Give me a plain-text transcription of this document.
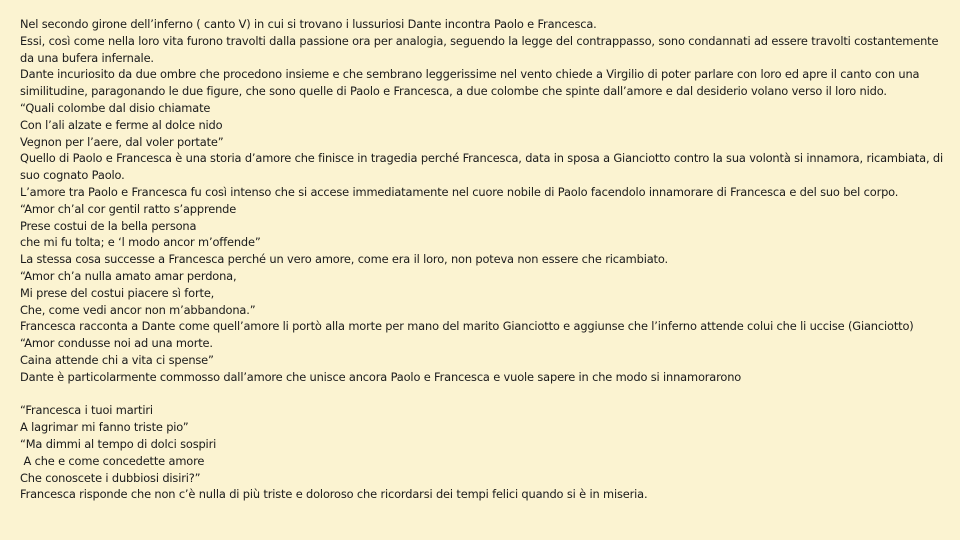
Nel secondo girone dell’inferno ( canto V) in cui si trovano i lussuriosi Dante incontra Paolo e Francesca.

Essi, così come nella loro vita furono travolti dalla passione ora per analogia, seguendo la legge del contrappasso, sono condannati ad essere travolti costantemente da una bufera infernale.

Dante incuriosito da due ombre che procedono insieme e che sembrano leggerissime nel vento chiede a Virgilio di poter parlare con loro ed apre il canto con una similitudine, paragonando le due figure, che sono quelle di Paolo e Francesca, a due colombe che spinte dall’amore e dal desiderio volano verso il loro nido.

“Quali colombe dal disio chiamate

Con l’ali alzate e ferme al dolce nido

Vegnon per l’aere, dal voler portate”

Quello di Paolo e Francesca è una storia d’amore che finisce in tragedia perché Francesca, data in sposa a Gianciotto contro la sua volontà si innamora, ricambiata, di suo cognato Paolo.

L’amore tra Paolo e Francesca fu così intenso che si accese immediatamente nel cuore nobile di Paolo facendolo innamorare di Francesca e del suo bel corpo.

“Amor ch’al cor gentil ratto s’apprende

Prese costui de la bella persona

che mi fu tolta; e ‘l modo ancor m’offende”

La stessa cosa successe a Francesca perché un vero amore, come era il loro, non poteva non essere che ricambiato.

“Amor ch’a nulla amato amar perdona,

Mi prese del costui piacere sì forte,

Che, come vedi ancor non m’abbandona.”

Francesca racconta a Dante come quell’amore li portò alla morte per mano del marito Gianciotto e aggiunse che l’inferno attende colui che li uccise (Gianciotto)

“Amor condusse noi ad una morte.

Caina attende chi a vita ci spense”

Dante è particolarmente commosso dall’amore che unisce ancora Paolo e Francesca e vuole sapere in che modo si innamorarono

“Francesca i tuoi martiri

A lagrimar mi fanno triste pio”

“Ma dimmi al tempo di dolci sospiri

A che e come concedette amore

Che conoscete i dubbiosi disiri?”

Francesca risponde che non c’è nulla di più triste e doloroso che ricordarsi dei tempi felici quando si è in miseria.
